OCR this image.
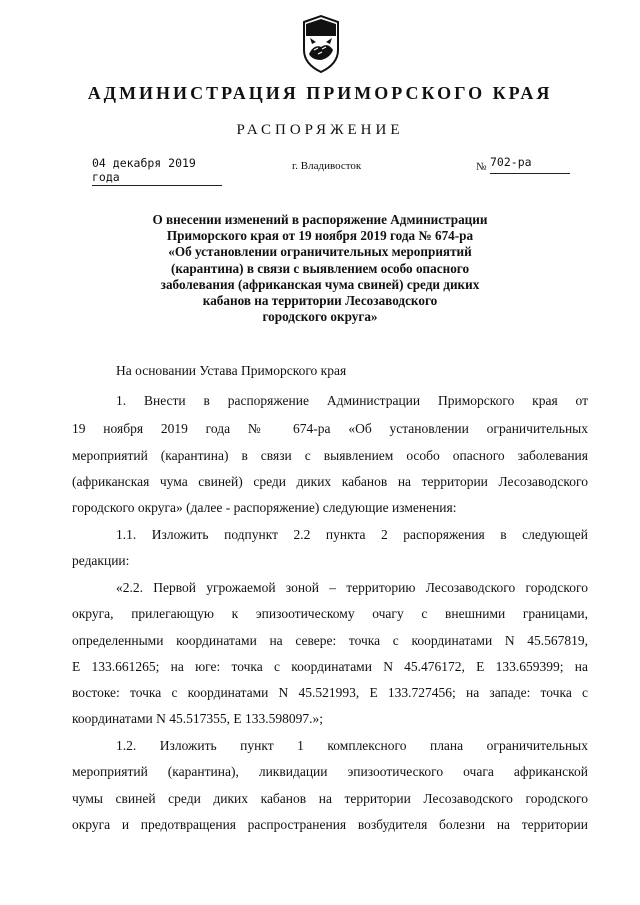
АДМИНИСТРАЦИЯ ПРИМОРСКОГО КРАЯ
РАСПОРЯЖЕНИЕ
04 декабря 2019 года
г. Владивосток	№ 702-ра
О внесении изменений в распоряжение Администрации
Приморского края от 19 ноября 2019 года № 674-ра
«Об установлении ограничительных мероприятий
(карантина) в связи с выявлением особо опасного
заболевания (африканская чума свиней) среди диких
кабанов на территории Лесозаводского
городского округа»
На основании Устава Приморского края
1. Внести в распоряжение Администрации Приморского края от
19 ноября 2019 года № 674-ра «Об установлении ограничительных
мероприятий (карантина) в связи с выявлением особо опасного заболевания
(африканская чума свиней) среди диких кабанов на территории Лесозаводского
городского округа» (далее - распоряжение) следующие изменения:
1.1. Изложить подпункт 2.2 пункта 2 распоряжения в следующей
редакции:
«2.2. Первой угрожаемой зоной – территорию Лесозаводского городского
округа, прилегающую к эпизоотическому очагу с внешними границами,
определенными координатами на севере: точка с координатами N 45.567819,
E 133.661265; на юге: точка с координатами N 45.476172, E 133.659399; на
востоке: точка с координатами N 45.521993, E 133.727456; на западе: точка с
координатами N 45.517355, E 133.598097.»;
1.2. Изложить пункт 1 комплексного плана ограничительных
мероприятий (карантина), ликвидации эпизоотического очага африканской
чумы свиней среди диких кабанов на территории Лесозаводского городского
округа и предотвращения распространения возбудителя болезни на территории
